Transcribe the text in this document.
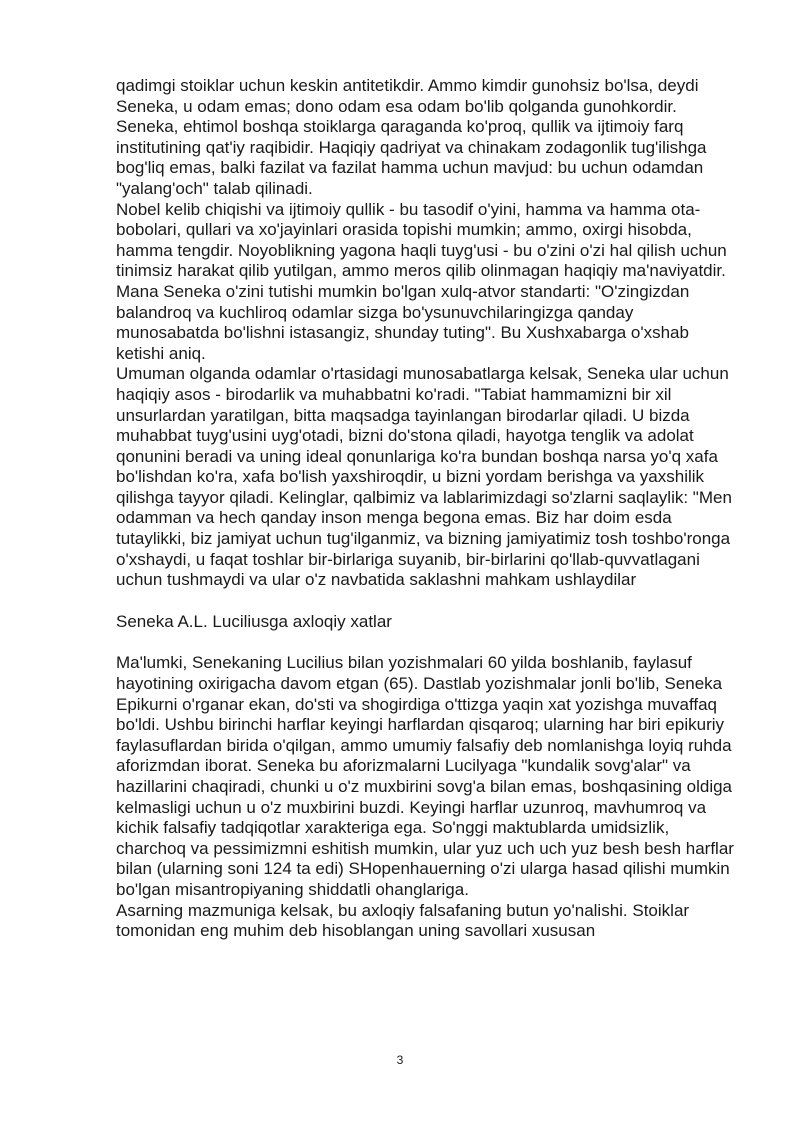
qadimgi stoiklar uchun keskin antitetikdir. Ammo kimdir gunohsiz bo'lsa, deydi Seneka, u odam emas; dono odam esa odam bo'lib qolganda gunohkordir.

Seneka, ehtimol boshqa stoiklarga qaraganda ko'proq, qullik va ijtimoiy farq institutining qat'iy raqibidir. Haqiqiy qadriyat va chinakam zodagonlik tug'ilishga bog'liq emas, balki fazilat va fazilat hamma uchun mavjud: bu uchun odamdan "yalang'och" talab qilinadi.

Nobel kelib chiqishi va ijtimoiy qullik - bu tasodif o'yini, hamma va hamma ota-bobolari, qullari va xo'jayinlari orasida topishi mumkin; ammo, oxirgi hisobda, hamma tengdir. Noyoblikning yagona haqli tuyg'usi - bu o'zini o'zi hal qilish uchun tinimsiz harakat qilib yutilgan, ammo meros qilib olinmagan haqiqiy ma'naviyatdir. Mana Seneka o'zini tutishi mumkin bo'lgan xulq-atvor standarti: "O'zingizdan balandroq va kuchliroq odamlar sizga bo'ysunuvchilaringizga qanday munosabatda bo'lishni istasangiz, shunday tuting". Bu Xushxabarga o'xshab ketishi aniq.

Umuman olganda odamlar o'rtasidagi munosabatlarga kelsak, Seneka ular uchun haqiqiy asos - birodarlik va muhabbatni ko'radi. "Tabiat hammamizni bir xil unsurlardan yaratilgan, bitta maqsadga tayinlangan birodarlar qiladi. U bizda muhabbat tuyg'usini uyg'otadi, bizni do'stona qiladi, hayotga tenglik va adolat qonunini beradi va uning ideal qonunlariga ko'ra bundan boshqa narsa yo'q xafa bo'lishdan ko'ra, xafa bo'lish yaxshiroqdir, u bizni yordam berishga va yaxshilik qilishga tayyor qiladi. Kelinglar, qalbimiz va lablarimizdagi so'zlarni saqlaylik: "Men odamman va hech qanday inson menga begona emas. Biz har doim esda tutaylikki, biz jamiyat uchun tug'ilganmiz, va bizning jamiyatimiz tosh toshbo'ronga o'xshaydi, u faqat toshlar bir-birlariga suyanib, bir-birlarini qo'llab-quvvatlagani uchun tushmaydi va ular o'z navbatida saklashni mahkam ushlaydilar

Seneka A.L. Luciliusga axloqiy xatlar

Ma'lumki, Senekaning Lucilius bilan yozishmalari 60 yilda boshlanib, faylasuf hayotining oxirigacha davom etgan (65). Dastlab yozishmalar jonli bo'lib, Seneka Epikurni o'rganar ekan, do'sti va shogirdiga o'ttizga yaqin xat yozishga muvaffaq bo'ldi. Ushbu birinchi harflar keyingi harflardan qisqaroq; ularning har biri epikuriy faylasuflardan birida o'qilgan, ammo umumiy falsafiy deb nomlanishga loyiq ruhda aforizmdan iborat. Seneka bu aforizmalarni Lucilyaga "kundalik sovg'alar" va hazillarini chaqiradi, chunki u o'z muxbirini sovg'a bilan emas, boshqasining oldiga kelmasligi uchun u o'z muxbirini buzdi. Keyingi harflar uzunroq, mavhumroq va kichik falsafiy tadqiqotlar xarakteriga ega. So'nggi maktublarda umidsizlik, charchoq va pessimizmni eshitish mumkin, ular yuz uch uch yuz besh besh harflar bilan (ularning soni 124 ta edi) SHopenhauerning o'zi ularga hasad qilishi mumkin bo'lgan misantropiyaning shiddatli ohanglariga.

Asarning mazmuniga kelsak, bu axloqiy falsafaning butun yo'nalishi. Stoiklar tomonidan eng muhim deb hisoblangan uning savollari xususan

3
